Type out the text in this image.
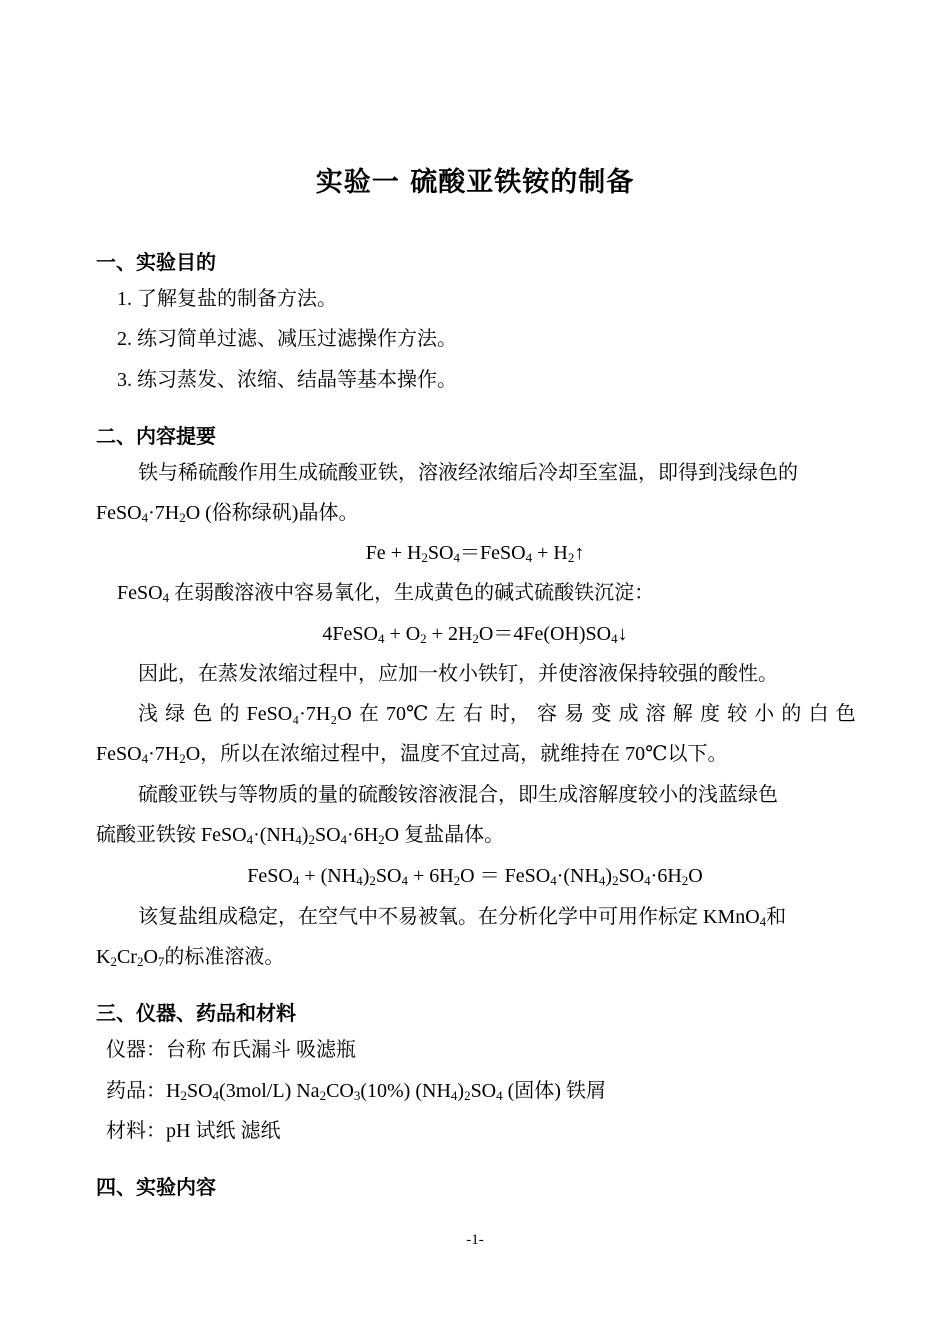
实验一 硫酸亚铁铵的制备
一、实验目的
1. 了解复盐的制备方法。
2. 练习简单过滤、减压过滤操作方法。
3. 练习蒸发、浓缩、结晶等基本操作。
二、内容提要
铁与稀硫酸作用生成硫酸亚铁，溶液经浓缩后冷却至室温，即得到浅绿色的
$FeSO_4\cdot 7H_2O$ (俗称绿矾)晶体。
$Fe + H_2SO_4=FeSO_4$ + $H_2↑$
FeSO$_4$ 在弱酸溶液中容易氧化，生成黄色的碱式硫酸铁沉淀：
4FeSO$_4$ + $O_2$ + $2H_2O=4Fe(OH)SO_4↓$
因此，在蒸发浓缩过程中，应加一枚小铁钉，并使溶液保持较强的酸性。
浅 绿 色 的 FeSO₄·7H₂O 在 70℃ 左 右 时， 容 易 变 成 溶 解 度 较 小 的 白 色
$FeSO_4\cdot 7H_2O$，所以在浓缩过程中，温度不宜过高，就维持在 70℃以下。
硫酸亚铁与等物质的量的硫酸铵溶液混合，即生成溶解度较小的浅蓝绿色
硫酸亚铁铵 $FeSO_4\cdot(NH_4)_2SO_4\cdot 6H_2O$ 复盐晶体。
FeSO$_4$ + $(NH_4)_2SO_4 + 6H_2O$ ＝ $FeSO_4\cdot(NH_4)_2SO_4\cdot 6H_2O$
该复盐组成稳定，在空气中不易被氧。在分析化学中可用作标定 KMnO$_4$和
$K_2Cr_2O_7$的标准溶液。
三、仪器、药品和材料
仪器：台称 布氏漏斗 吸滤瓶
药品：$H_2SO_4(3mol/L)$ $Na_2CO_3(10\%)$ $(NH_4)_2SO_4$ (固体) 铁屑
材料：pH 试纸 滤纸
四、实验内容
-1-
